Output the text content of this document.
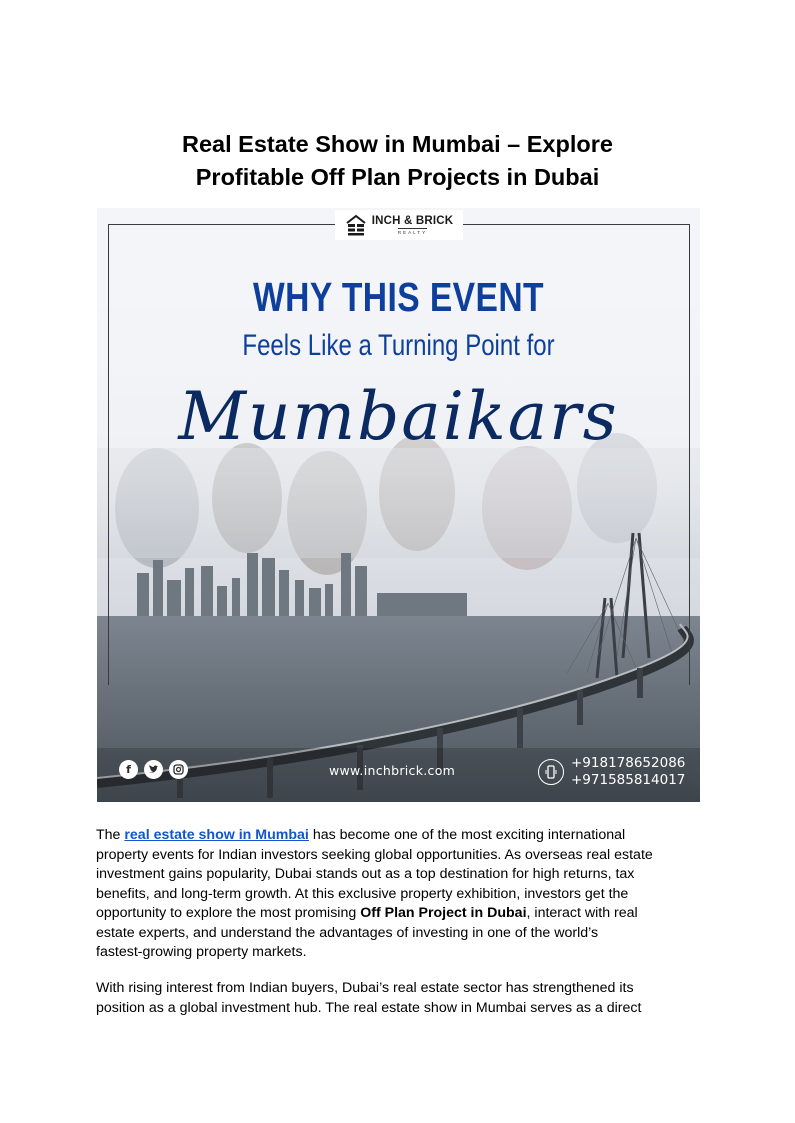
Real Estate Show in Mumbai – Explore
Profitable Off Plan Projects in Dubai
INCH & BRICK
REALTY
WHY THIS EVENT
Feels Like a Turning Point for
Mumbaikars
f	www.inchbrick.com	+918178652086
+971585814017
The real estate show in Mumbai has become one of the most exciting international
property events for Indian investors seeking global opportunities. As overseas real estate
investment gains popularity, Dubai stands out as a top destination for high returns, tax
benefits, and long-term growth. At this exclusive property exhibition, investors get the
opportunity to explore the most promising Off Plan Project in Dubai, interact with real
estate experts, and understand the advantages of investing in one of the world’s
fastest-growing property markets.
With rising interest from Indian buyers, Dubai’s real estate sector has strengthened its
position as a global investment hub. The real estate show in Mumbai serves as a direct
